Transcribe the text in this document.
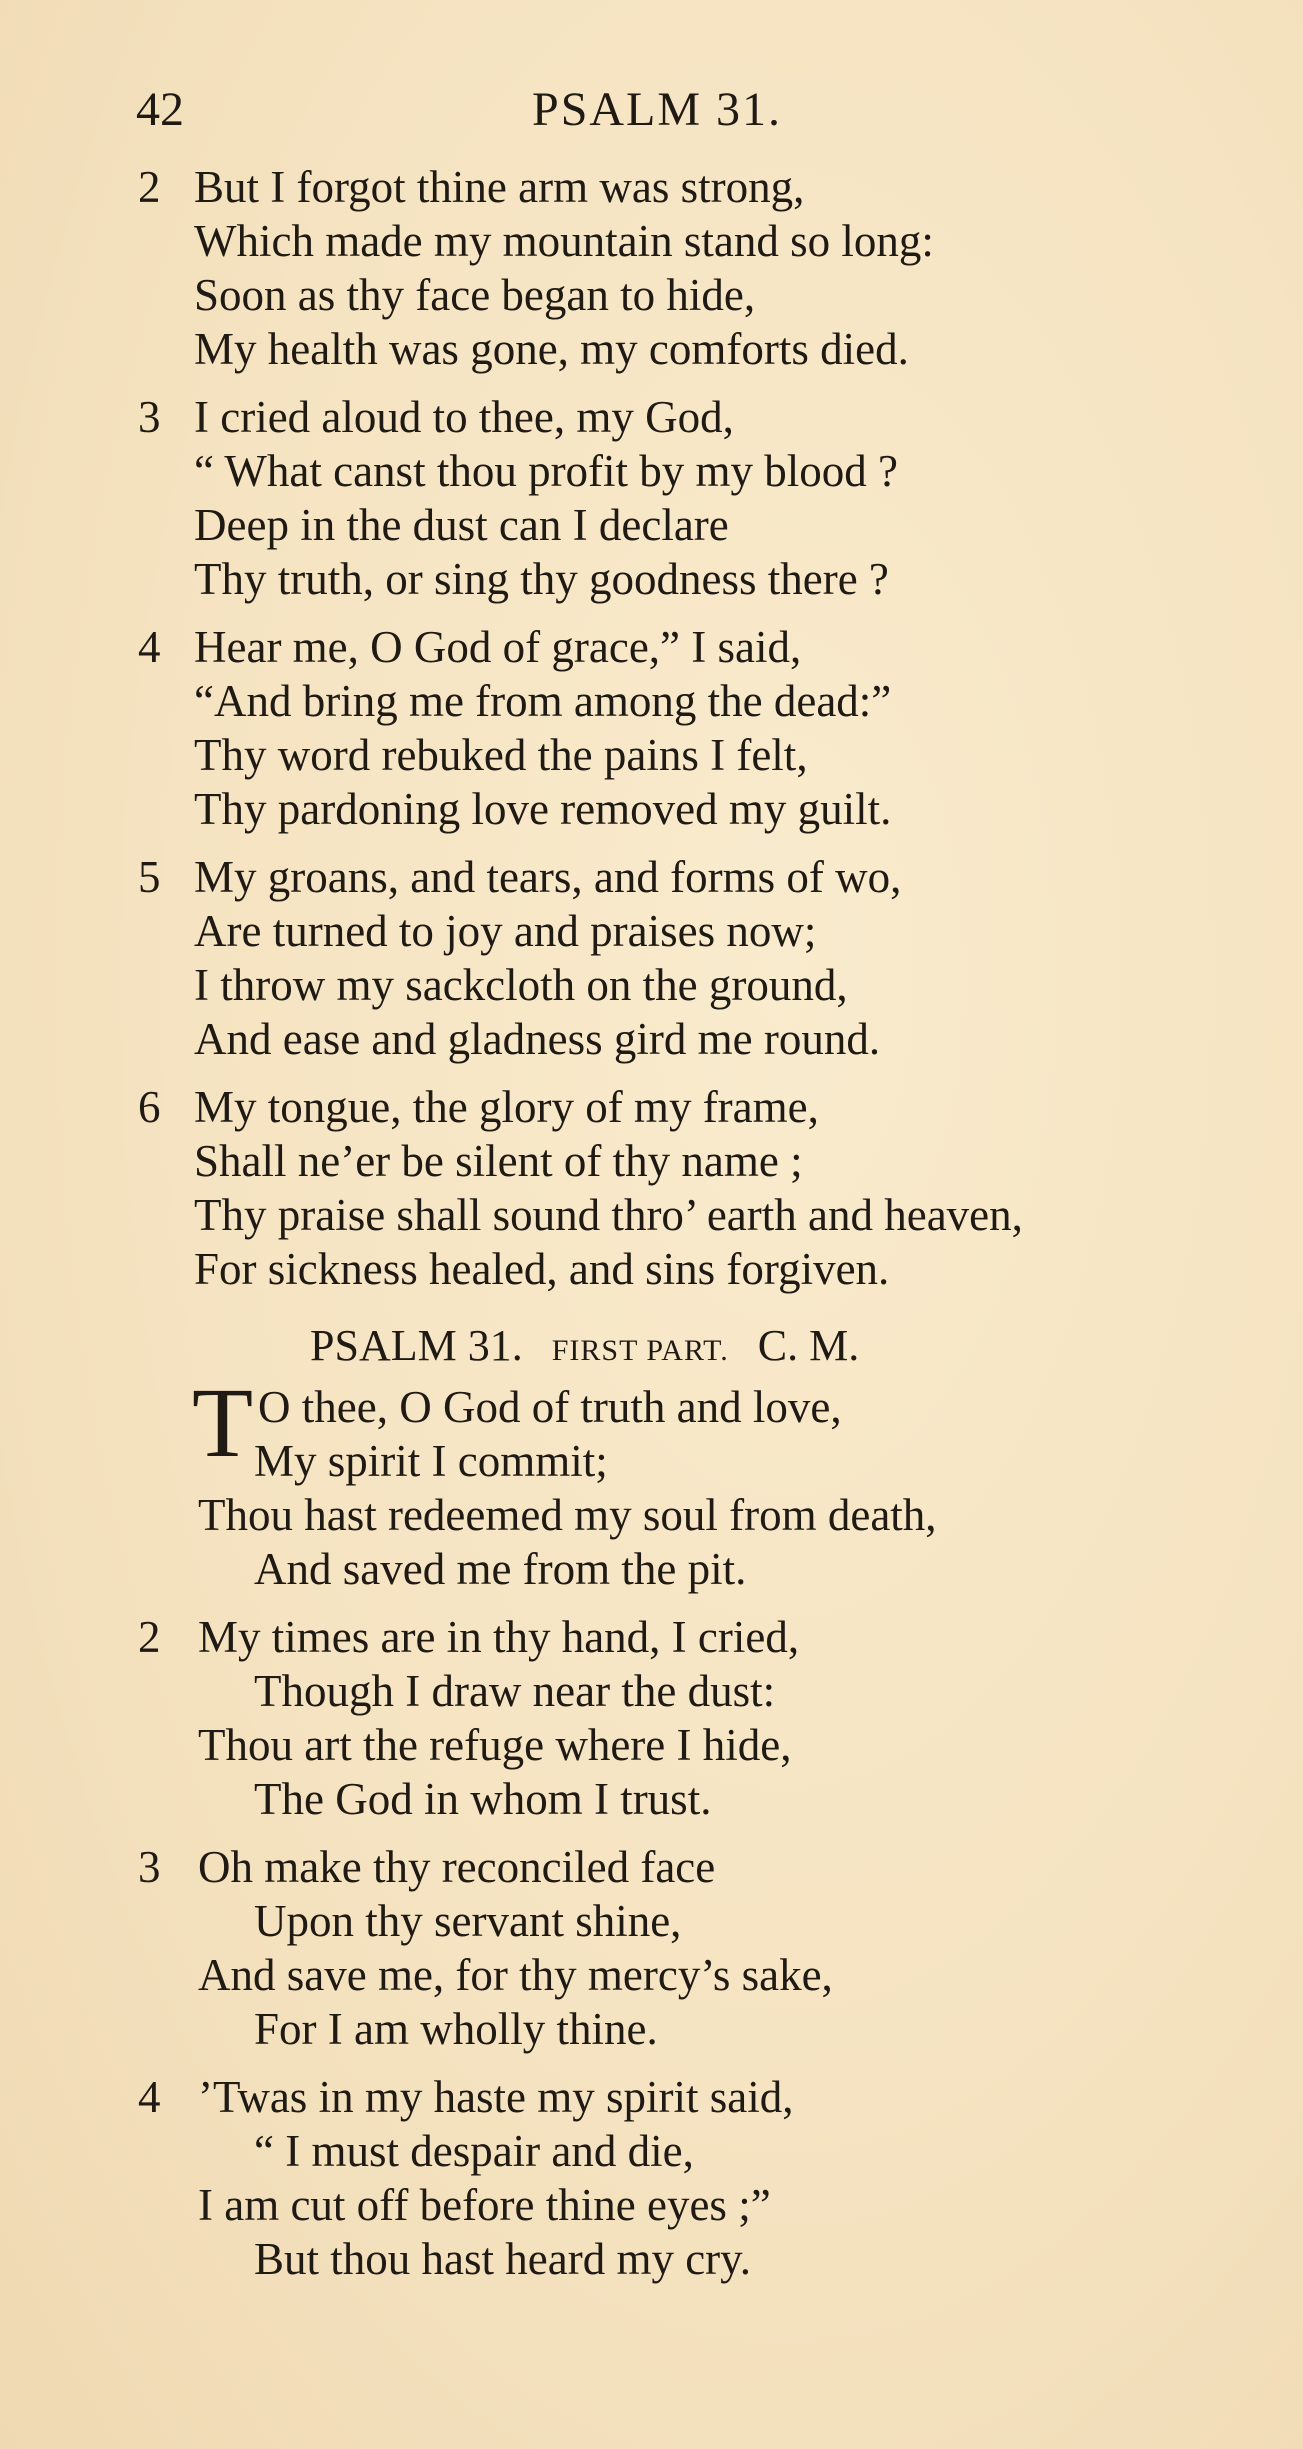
42	PSALM 31.
2 But I forgot thine arm was strong,
Which made my mountain stand so long:
Soon as thy face began to hide,
My health was gone, my comforts died.
3 I cried aloud to thee, my God,
“ What canst thou profit by my blood ?
Deep in the dust can I declare
Thy truth, or sing thy goodness there ?
4 Hear me, O God of grace,” I said,
“And bring me from among the dead:”
Thy word rebuked the pains I felt,
Thy pardoning love removed my guilt.
5 My groans, and tears, and forms of wo,
Are turned to joy and praises now;
I throw my sackcloth on the ground,
And ease and gladness gird me round.
6 My tongue, the glory of my frame,
Shall ne’er be silent of thy name ;
Thy praise shall sound thro’ earth and heaven,
For sickness healed, and sins forgiven.
PSALM 31. FIRST PART. C. M.
T O thee, O God of truth and love,
My spirit I commit;
Thou hast redeemed my soul from death,
And saved me from the pit.
2 My times are in thy hand, I cried,
Though I draw near the dust:
Thou art the refuge where I hide,
The God in whom I trust.
3 Oh make thy reconciled face
Upon thy servant shine,
And save me, for thy mercy’s sake,
For I am wholly thine.
4 ’Twas in my haste my spirit said,
“ I must despair and die,
I am cut off before thine eyes ;”
But thou hast heard my cry.
